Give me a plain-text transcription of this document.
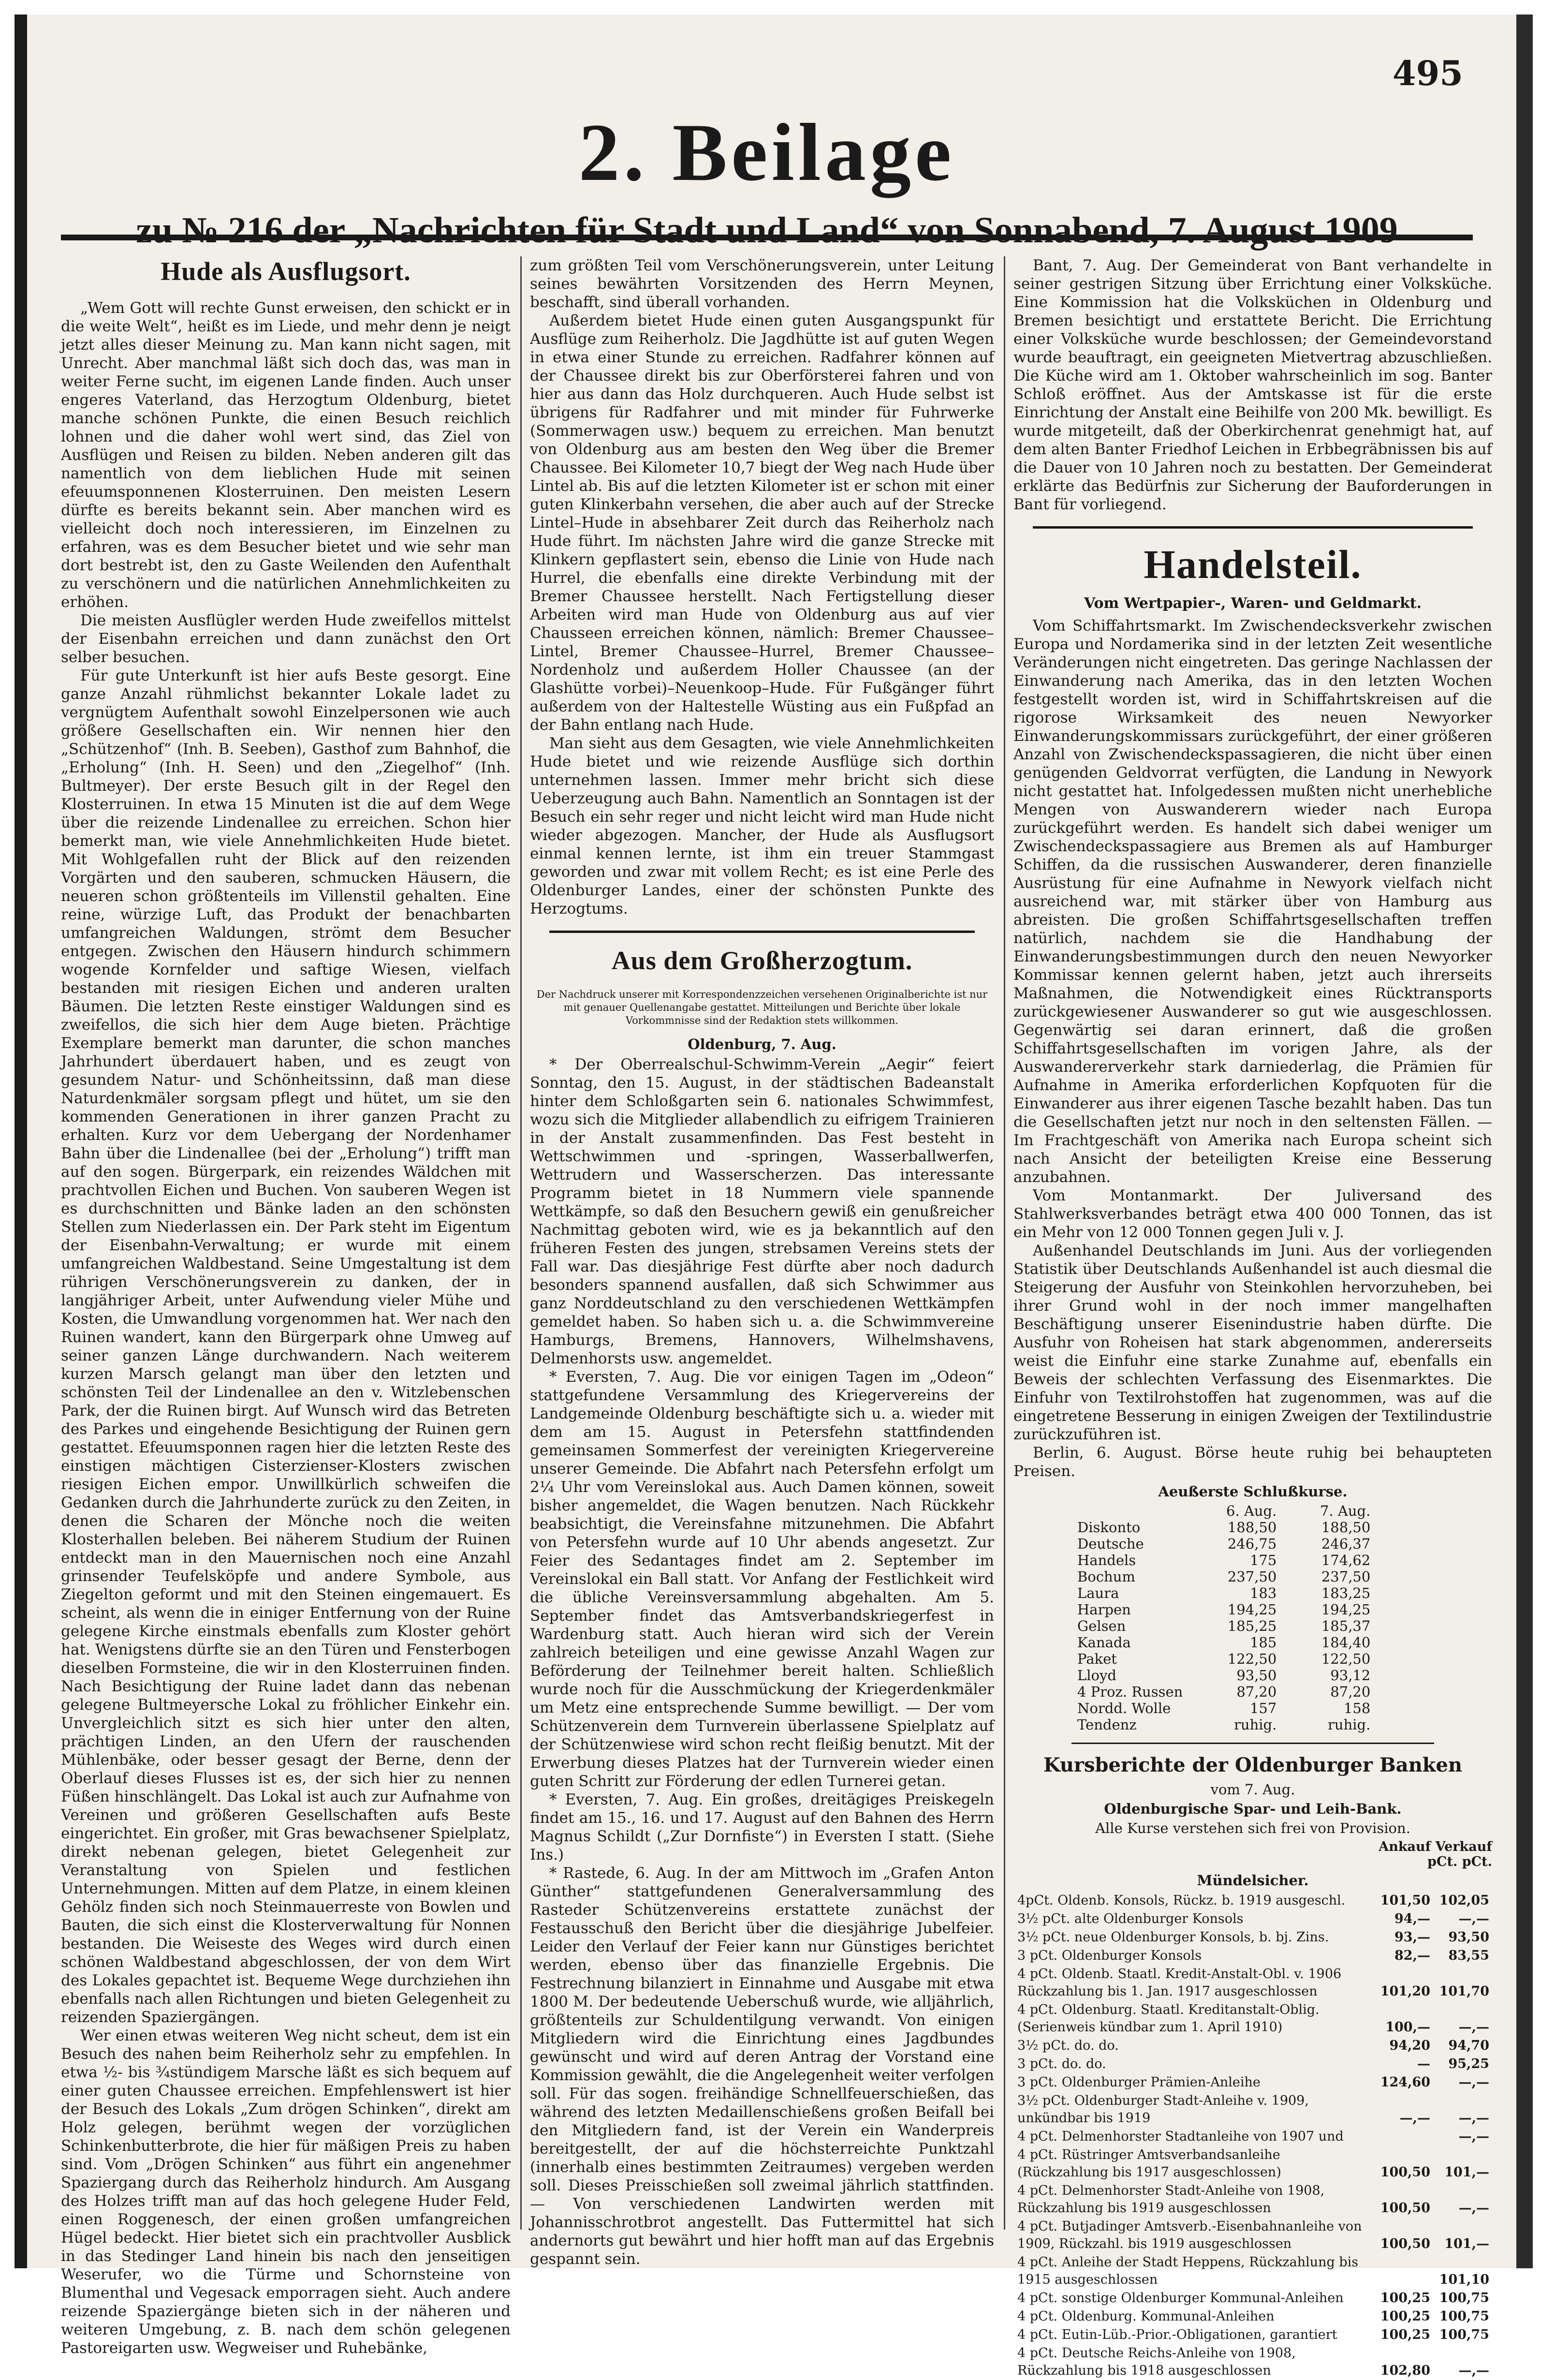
495
2. Beilage
zu № 216 der „Nachrichten für Stadt und Land“ von Sonnabend, 7. August 1909
Hude als Ausflugsort.

„Wem Gott will rechte Gunst erweisen, den schickt er in die weite Welt“, heißt es im Liede, und mehr denn je neigt jetzt alles dieser Meinung zu. Man kann nicht sagen, mit Unrecht. Aber manchmal läßt sich doch das, was man in weiter Ferne sucht, im eigenen Lande finden. Auch unser engeres Vaterland, das Herzogtum Oldenburg, bietet manche schönen Punkte, die einen Besuch reichlich lohnen und die daher wohl wert sind, das Ziel von Ausflügen und Reisen zu bilden. Neben anderen gilt das namentlich von dem lieblichen Hude mit seinen efeuumsponnenen Klosterruinen. Den meisten Lesern dürfte es bereits bekannt sein. Aber manchen wird es vielleicht doch noch interessieren, im Einzelnen zu erfahren, was es dem Besucher bietet und wie sehr man dort bestrebt ist, den zu Gaste Weilenden den Aufenthalt zu verschönern und die natürlichen Annehmlichkeiten zu erhöhen.

Die meisten Ausflügler werden Hude zweifellos mittelst der Eisenbahn erreichen und dann zunächst den Ort selber besuchen.

Für gute Unterkunft ist hier aufs Beste gesorgt. Eine ganze Anzahl rühmlichst bekannter Lokale ladet zu vergnügtem Aufenthalt sowohl Einzelpersonen wie auch größere Gesellschaften ein. Wir nennen hier den „Schützenhof“ (Inh. B. Seeben), Gasthof zum Bahnhof, die „Erholung“ (Inh. H. Seen) und den „Ziegelhof“ (Inh. Bultmeyer). Der erste Besuch gilt in der Regel den Klosterruinen. In etwa 15 Minuten ist die auf dem Wege über die reizende Lindenallee zu erreichen. Schon hier bemerkt man, wie viele Annehmlichkeiten Hude bietet. Mit Wohlgefallen ruht der Blick auf den reizenden Vorgärten und den sauberen, schmucken Häusern, die neueren schon größtenteils im Villenstil gehalten. Eine reine, würzige Luft, das Produkt der benachbarten umfangreichen Waldungen, strömt dem Besucher entgegen. Zwischen den Häusern hindurch schimmern wogende Kornfelder und saftige Wiesen, vielfach bestanden mit riesigen Eichen und anderen uralten Bäumen. Die letzten Reste einstiger Waldungen sind es zweifellos, die sich hier dem Auge bieten. Prächtige Exemplare bemerkt man darunter, die schon manches Jahrhundert überdauert haben, und es zeugt von gesundem Natur- und Schönheitssinn, daß man diese Naturdenkmäler sorgsam pflegt und hütet, um sie den kommenden Generationen in ihrer ganzen Pracht zu erhalten. Kurz vor dem Uebergang der Nordenhamer Bahn über die Lindenallee (bei der „Erholung“) trifft man auf den sogen. Bürgerpark, ein reizendes Wäldchen mit prachtvollen Eichen und Buchen. Von sauberen Wegen ist es durchschnitten und Bänke laden an den schönsten Stellen zum Niederlassen ein. Der Park steht im Eigentum der Eisenbahn-Verwaltung; er wurde mit einem umfangreichen Waldbestand. Seine Umgestaltung ist dem rührigen Verschönerungsverein zu danken, der in langjähriger Arbeit, unter Aufwendung vieler Mühe und Kosten, die Umwandlung vorgenommen hat. Wer nach den Ruinen wandert, kann den Bürgerpark ohne Umweg auf seiner ganzen Länge durchwandern. Nach weiterem kurzen Marsch gelangt man über den letzten und schönsten Teil der Lindenallee an den v. Witzlebenschen Park, der die Ruinen birgt. Auf Wunsch wird das Betreten des Parkes und eingehende Besichtigung der Ruinen gern gestattet. Efeuumsponnen ragen hier die letzten Reste des einstigen mächtigen Cisterzienser-Klosters zwischen riesigen Eichen empor. Unwillkürlich schweifen die Gedanken durch die Jahrhunderte zurück zu den Zeiten, in denen die Scharen der Mönche noch die weiten Klosterhallen beleben. Bei näherem Studium der Ruinen entdeckt man in den Mauernischen noch eine Anzahl grinsender Teufelsköpfe und andere Symbole, aus Ziegelton geformt und mit den Steinen eingemauert. Es scheint, als wenn die in einiger Entfernung von der Ruine gelegene Kirche einstmals ebenfalls zum Kloster gehört hat. Wenigstens dürfte sie an den Türen und Fensterbogen dieselben Formsteine, die wir in den Klosterruinen finden. Nach Besichtigung der Ruine ladet dann das nebenan gelegene Bultmeyersche Lokal zu fröhlicher Einkehr ein. Unvergleichlich sitzt es sich hier unter den alten, prächtigen Linden, an den Ufern der rauschenden Mühlenbäke, oder besser gesagt der Berne, denn der Oberlauf dieses Flusses ist es, der sich hier zu nennen Füßen hinschlängelt. Das Lokal ist auch zur Aufnahme von Vereinen und größeren Gesellschaften aufs Beste eingerichtet. Ein großer, mit Gras bewachsener Spielplatz, direkt nebenan gelegen, bietet Gelegenheit zur Veranstaltung von Spielen und festlichen Unternehmungen. Mitten auf dem Platze, in einem kleinen Gehölz finden sich noch Steinmauerreste von Bowlen und Bauten, die sich einst die Klosterverwaltung für Nonnen bestanden. Die Weiseste des Weges wird durch einen schönen Waldbestand abgeschlossen, der von dem Wirt des Lokales gepachtet ist. Bequeme Wege durchziehen ihn ebenfalls nach allen Richtungen und bieten Gelegenheit zu reizenden Spaziergängen.

Wer einen etwas weiteren Weg nicht scheut, dem ist ein Besuch des nahen beim Reiherholz sehr zu empfehlen. In etwa ½- bis ¾stündigem Marsche läßt es sich bequem auf einer guten Chaussee erreichen. Empfehlenswert ist hier der Besuch des Lokals „Zum drögen Schinken“, direkt am Holz gelegen, berühmt wegen der vorzüglichen Schinkenbutterbrote, die hier für mäßigen Preis zu haben sind. Vom „Drögen Schinken“ aus führt ein angenehmer Spaziergang durch das Reiherholz hindurch. Am Ausgang des Holzes trifft man auf das hoch gelegene Huder Feld, einen Roggenesch, der einen großen umfangreichen Hügel bedeckt. Hier bietet sich ein prachtvoller Ausblick in das Stedinger Land hinein bis nach den jenseitigen Weserufer, wo die Türme und Schornsteine von Blumenthal und Vegesack emporragen sieht. Auch andere reizende Spaziergänge bieten sich in der näheren und weiteren Umgebung, z. B. nach dem schön gelegenen Pastoreigarten usw. Wegweiser und Ruhebänke,

zum größten Teil vom Verschönerungsverein, unter Leitung seines bewährten Vorsitzenden des Herrn Meynen, beschafft, sind überall vorhanden.

Außerdem bietet Hude einen guten Ausgangspunkt für Ausflüge zum Reiherholz. Die Jagdhütte ist auf guten Wegen in etwa einer Stunde zu erreichen. Radfahrer können auf der Chaussee direkt bis zur Oberförsterei fahren und von hier aus dann das Holz durchqueren. Auch Hude selbst ist übrigens für Radfahrer und mit minder für Fuhrwerke (Sommerwagen usw.) bequem zu erreichen. Man benutzt von Oldenburg aus am besten den Weg über die Bremer Chaussee. Bei Kilometer 10,7 biegt der Weg nach Hude über Lintel ab. Bis auf die letzten Kilometer ist er schon mit einer guten Klinkerbahn versehen, die aber auch auf der Strecke Lintel–Hude in absehbarer Zeit durch das Reiherholz nach Hude führt. Im nächsten Jahre wird die ganze Strecke mit Klinkern gepflastert sein, ebenso die Linie von Hude nach Hurrel, die ebenfalls eine direkte Verbindung mit der Bremer Chaussee herstellt. Nach Fertigstellung dieser Arbeiten wird man Hude von Oldenburg aus auf vier Chausseen erreichen können, nämlich: Bremer Chaussee–Lintel, Bremer Chaussee–Hurrel, Bremer Chaussee–Nordenholz und außerdem Holler Chaussee (an der Glashütte vorbei)–Neuenkoop–Hude. Für Fußgänger führt außerdem von der Haltestelle Wüsting aus ein Fußpfad an der Bahn entlang nach Hude.

Man sieht aus dem Gesagten, wie viele Annehmlichkeiten Hude bietet und wie reizende Ausflüge sich dorthin unternehmen lassen. Immer mehr bricht sich diese Ueberzeugung auch Bahn. Namentlich an Sonntagen ist der Besuch ein sehr reger und nicht leicht wird man Hude nicht wieder abgezogen. Mancher, der Hude als Ausflugsort einmal kennen lernte, ist ihm ein treuer Stammgast geworden und zwar mit vollem Recht; es ist eine Perle des Oldenburger Landes, einer der schönsten Punkte des Herzogtums.

Aus dem Großherzogtum.

Der Nachdruck unserer mit Korrespondenzzeichen versehenen Originalberichte ist nur mit genauer Quellenangabe gestattet. Mitteilungen und Berichte über lokale Vorkommnisse sind der Redaktion stets willkommen.

Oldenburg, 7. Aug.

* Der Oberrealschul-Schwimm-Verein „Aegir“ feiert Sonntag, den 15. August, in der städtischen Badeanstalt hinter dem Schloßgarten sein 6. nationales Schwimmfest, wozu sich die Mitglieder allabendlich zu eifrigem Trainieren in der Anstalt zusammenfinden. Das Fest besteht in Wettschwimmen und -springen, Wasserballwerfen, Wettrudern und Wasserscherzen. Das interessante Programm bietet in 18 Nummern viele spannende Wettkämpfe, so daß den Besuchern gewiß ein genußreicher Nachmittag geboten wird, wie es ja bekanntlich auf den früheren Festen des jungen, strebsamen Vereins stets der Fall war. Das diesjährige Fest dürfte aber noch dadurch besonders spannend ausfallen, daß sich Schwimmer aus ganz Norddeutschland zu den verschiedenen Wettkämpfen gemeldet haben. So haben sich u. a. die Schwimmvereine Hamburgs, Bremens, Hannovers, Wilhelmshavens, Delmenhorsts usw. angemeldet.

* Eversten, 7. Aug. Die vor einigen Tagen im „Odeon“ stattgefundene Versammlung des Kriegervereins der Landgemeinde Oldenburg beschäftigte sich u. a. wieder mit dem am 15. August in Petersfehn stattfindenden gemeinsamen Sommerfest der vereinigten Kriegervereine unserer Gemeinde. Die Abfahrt nach Petersfehn erfolgt um 2¼ Uhr vom Vereinslokal aus. Auch Damen können, soweit bisher angemeldet, die Wagen benutzen. Nach Rückkehr beabsichtigt, die Vereinsfahne mitzunehmen. Die Abfahrt von Petersfehn wurde auf 10 Uhr abends angesetzt. Zur Feier des Sedantages findet am 2. September im Vereinslokal ein Ball statt. Vor Anfang der Festlichkeit wird die übliche Vereinsversammlung abgehalten. Am 5. September findet das Amtsverbandskriegerfest in Wardenburg statt. Auch hieran wird sich der Verein zahlreich beteiligen und eine gewisse Anzahl Wagen zur Beförderung der Teilnehmer bereit halten. Schließlich wurde noch für die Ausschmückung der Kriegerdenkmäler um Metz eine entsprechende Summe bewilligt. — Der vom Schützenverein dem Turnverein überlassene Spielplatz auf der Schützenwiese wird schon recht fleißig benutzt. Mit der Erwerbung dieses Platzes hat der Turnverein wieder einen guten Schritt zur Förderung der edlen Turnerei getan.

* Eversten, 7. Aug. Ein großes, dreitägiges Preiskegeln findet am 15., 16. und 17. August auf den Bahnen des Herrn Magnus Schildt („Zur Dornfiste“) in Eversten I statt. (Siehe Ins.)

* Rastede, 6. Aug. In der am Mittwoch im „Grafen Anton Günther“ stattgefundenen Generalversammlung des Rasteder Schützenvereins erstattete zunächst der Festausschuß den Bericht über die diesjährige Jubelfeier. Leider den Verlauf der Feier kann nur Günstiges berichtet werden, ebenso über das finanzielle Ergebnis. Die Festrechnung bilanziert in Einnahme und Ausgabe mit etwa 1800 M. Der bedeutende Ueberschuß wurde, wie alljährlich, größtenteils zur Schuldentilgung verwandt. Von einigen Mitgliedern wird die Einrichtung eines Jagdbundes gewünscht und wird auf deren Antrag der Vorstand eine Kommission gewählt, die die Angelegenheit weiter verfolgen soll. Für das sogen. freihändige Schnellfeuerschießen, das während des letzten Medaillenschießens großen Beifall bei den Mitgliedern fand, ist der Verein ein Wanderpreis bereitgestellt, der auf die höchsterreichte Punktzahl (innerhalb eines bestimmten Zeitraumes) vergeben werden soll. Dieses Preisschießen soll zweimal jährlich stattfinden. — Von verschiedenen Landwirten werden mit Johannisschrotbrot angestellt. Das Futtermittel hat sich andernorts gut bewährt und hier hofft man auf das Ergebnis gespannt sein.

Bant, 7. Aug. Der Gemeinderat von Bant verhandelte in seiner gestrigen Sitzung über Errichtung einer Volksküche. Eine Kommission hat die Volksküchen in Oldenburg und Bremen besichtigt und erstattete Bericht. Die Errichtung einer Volksküche wurde beschlossen; der Gemeindevorstand wurde beauftragt, ein geeigneten Mietvertrag abzuschließen. Die Küche wird am 1. Oktober wahrscheinlich im sog. Banter Schloß eröffnet. Aus der Amtskasse ist für die erste Einrichtung der Anstalt eine Beihilfe von 200 Mk. bewilligt. Es wurde mitgeteilt, daß der Oberkirchenrat genehmigt hat, auf dem alten Banter Friedhof Leichen in Erbbegräbnissen bis auf die Dauer von 10 Jahren noch zu bestatten. Der Gemeinderat erklärte das Bedürfnis zur Sicherung der Bauforderungen in Bant für vorliegend.

Handelsteil.
Vom Wertpapier-, Waren- und Geldmarkt.

Vom Schiffahrtsmarkt. Im Zwischendecksverkehr zwischen Europa und Nordamerika sind in der letzten Zeit wesentliche Veränderungen nicht eingetreten. Das geringe Nachlassen der Einwanderung nach Amerika, das in den letzten Wochen festgestellt worden ist, wird in Schiffahrtskreisen auf die rigorose Wirksamkeit des neuen Newyorker Einwanderungskommissars zurückgeführt, der einer größeren Anzahl von Zwischendeckspassagieren, die nicht über einen genügenden Geldvorrat verfügten, die Landung in Newyork nicht gestattet hat. Infolgedessen mußten nicht unerhebliche Mengen von Auswanderern wieder nach Europa zurückgeführt werden. Es handelt sich dabei weniger um Zwischendeckspassagiere aus Bremen als auf Hamburger Schiffen, da die russischen Auswanderer, deren finanzielle Ausrüstung für eine Aufnahme in Newyork vielfach nicht ausreichend war, mit stärker über von Hamburg aus abreisten. Die großen Schiffahrtsgesellschaften treffen natürlich, nachdem sie die Handhabung der Einwanderungsbestimmungen durch den neuen Newyorker Kommissar kennen gelernt haben, jetzt auch ihrerseits Maßnahmen, die Notwendigkeit eines Rücktransports zurückgewiesener Auswanderer so gut wie ausgeschlossen. Gegenwärtig sei daran erinnert, daß die großen Schiffahrtsgesellschaften im vorigen Jahre, als der Auswandererverkehr stark darniederlag, die Prämien für Aufnahme in Amerika erforderlichen Kopfquoten für die Einwanderer aus ihrer eigenen Tasche bezahlt haben. Das tun die Gesellschaften jetzt nur noch in den seltensten Fällen. — Im Frachtgeschäft von Amerika nach Europa scheint sich nach Ansicht der beteiligten Kreise eine Besserung anzubahnen.

Vom Montanmarkt. Der Juliversand des Stahlwerksverbandes beträgt etwa 400 000 Tonnen, das ist ein Mehr von 12 000 Tonnen gegen Juli v. J.

Außenhandel Deutschlands im Juni. Aus der vorliegenden Statistik über Deutschlands Außenhandel ist auch diesmal die Steigerung der Ausfuhr von Steinkohlen hervorzuheben, bei ihrer Grund wohl in der noch immer mangelhaften Beschäftigung unserer Eisenindustrie haben dürfte. Die Ausfuhr von Roheisen hat stark abgenommen, andererseits weist die Einfuhr eine starke Zunahme auf, ebenfalls ein Beweis der schlechten Verfassung des Eisenmarktes. Die Einfuhr von Textilrohstoffen hat zugenommen, was auf die eingetretene Besserung in einigen Zweigen der Textilindustrie zurückzuführen ist.

Berlin, 6. August. Börse heute ruhig bei behaupteten Preisen.

Aeußerste Schlußkurse.
	6. Aug.	7. Aug.
Diskonto	188,50	188,50
Deutsche	246,75	246,37
Handels	175	174,62
Bochum	237,50	237,50
Laura	183	183,25
Harpen	194,25	194,25
Gelsen	185,25	185,37
Kanada	185	184,40
Paket	122,50	122,50
Lloyd	93,50	93,12
4 Proz. Russen	87,20	87,20
Nordd. Wolle	157	158
Tendenz	ruhig.	ruhig.
Kursberichte der Oldenburger Banken
vom 7. Aug.
Oldenburgische Spar- und Leih-Bank.
Alle Kurse verstehen sich frei von Provision.
Ankauf Verkauf
pCt. pCt.
Mündelsicher.
4pCt. Oldenb. Konsols, Rückz. b. 1919 ausgeschl.	101,50	102,05
3½ pCt. alte Oldenburger Konsols	94,—	—,—
3½ pCt. neue Oldenburger Konsols, b. bj. Zins.	93,—	93,50
3 pCt. Oldenburger Konsols	82,—	83,55
4 pCt. Oldenb. Staatl. Kredit-Anstalt-Obl. v. 1906 Rückzahlung bis 1. Jan. 1917 ausgeschlossen	101,20	101,70
4 pCt. Oldenburg. Staatl. Kreditanstalt-Oblig. (Serienweis kündbar zum 1. April 1910)	100,—	—,—
3½ pCt. do. do.	94,20	94,70
3 pCt. do. do.	—	95,25
3 pCt. Oldenburger Prämien-Anleihe	124,60	—,—
3½ pCt. Oldenburger Stadt-Anleihe v. 1909, unkündbar bis 1919	—,—	—,—
4 pCt. Delmenhorster Stadtanleihe von 1907 und		—,—
4 pCt. Rüstringer Amtsverbandsanleihe (Rückzahlung bis 1917 ausgeschlossen)	100,50	101,—
4 pCt. Delmenhorster Stadt-Anleihe von 1908, Rückzahlung bis 1919 ausgeschlossen	100,50	—,—
4 pCt. Butjadinger Amtsverb.-Eisenbahnanleihe von 1909, Rückzahl. bis 1919 ausgeschlossen	100,50	101,—
4 pCt. Anleihe der Stadt Heppens, Rückzahlung bis 1915 ausgeschlossen		101,10
4 pCt. sonstige Oldenburger Kommunal-Anleihen	100,25	100,75
4 pCt. Oldenburg. Kommunal-Anleihen	100,25	100,75
4 pCt. Eutin-Lüb.-Prior.-Obligationen, garantiert	100,25	100,75
4 pCt. Deutsche Reichs-Anleihe von 1908, Rückzahlung bis 1918 ausgeschlossen	102,80	—,—
